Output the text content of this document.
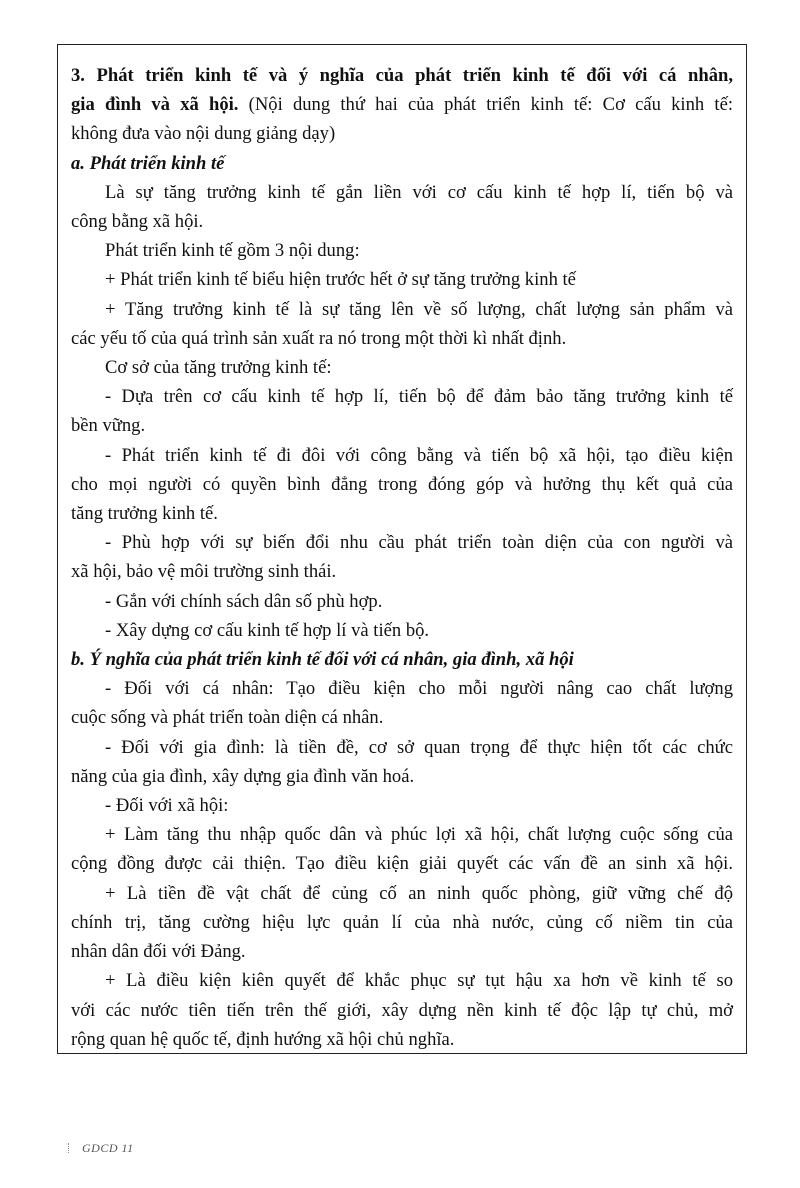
3. Phát triển kinh tế và ý nghĩa của phát triển kinh tế đối với cá nhân,
gia đình và xã hội. (Nội dung thứ hai của phát triển kinh tế: Cơ cấu kinh tế:
không đưa vào nội dung giảng dạy)
a. Phát triển kinh tế
Là sự tăng trưởng kinh tế gắn liền với cơ cấu kinh tế hợp lí, tiến bộ và
công bằng xã hội.
Phát triển kinh tế gồm 3 nội dung:
+ Phát triển kinh tế biểu hiện trước hết ở sự tăng trưởng kinh tế
+ Tăng trưởng kinh tế là sự tăng lên về số lượng, chất lượng sản phẩm và
các yếu tố của quá trình sản xuất ra nó trong một thời kì nhất định.
Cơ sở của tăng trưởng kinh tế:
- Dựa trên cơ cấu kinh tế hợp lí, tiến bộ để đảm bảo tăng trưởng kinh tế
bền vững.
- Phát triển kinh tế đi đôi với công bằng và tiến bộ xã hội, tạo điều kiện
cho mọi người có quyền bình đẳng trong đóng góp và hưởng thụ kết quả của
tăng trưởng kinh tế.
- Phù hợp với sự biến đổi nhu cầu phát triển toàn diện của con người và
xã hội, bảo vệ môi trường sinh thái.
- Gắn với chính sách dân số phù hợp.
- Xây dựng cơ cấu kinh tế hợp lí và tiến bộ.
b. Ý nghĩa của phát triển kinh tế đối với cá nhân, gia đình, xã hội
- Đối với cá nhân: Tạo điều kiện cho mỗi người nâng cao chất lượng
cuộc sống và phát triển toàn diện cá nhân.
- Đối với gia đình: là tiền đề, cơ sở quan trọng để thực hiện tốt các chức
năng của gia đình, xây dựng gia đình văn hoá.
- Đối với xã hội:
+ Làm tăng thu nhập quốc dân và phúc lợi xã hội, chất lượng cuộc sống của
cộng đồng được cải thiện. Tạo điều kiện giải quyết các vấn đề an sinh xã hội.
+ Là tiền đề vật chất để củng cố an ninh quốc phòng, giữ vững chế độ
chính trị, tăng cường hiệu lực quản lí của nhà nước, củng cố niềm tin của
nhân dân đối với Đảng.
+ Là điều kiện kiên quyết để khắc phục sự tụt hậu xa hơn về kinh tế so
với các nước tiên tiến trên thế giới, xây dựng nền kinh tế độc lập tự chủ, mở
rộng quan hệ quốc tế, định hướng xã hội chủ nghĩa.
GDCD 11
